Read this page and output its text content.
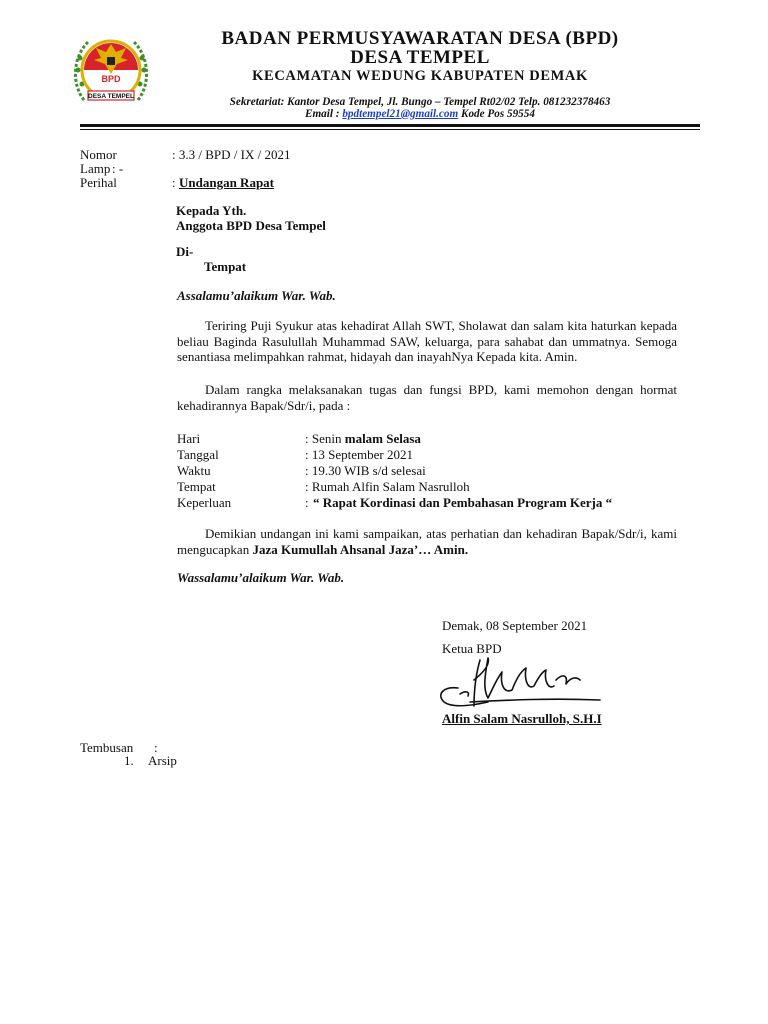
BPD
DESA TEMPEL
BADAN PERMUSYAWARATAN DESA (BPD)
DESA TEMPEL
KECAMATAN WEDUNG KABUPATEN DEMAK
Sekretariat: Kantor Desa Tempel, Jl. Bungo – Tempel Rt02/02 Telp. 081232378463
Email : bpdtempel21@gmail.com Kode Pos 59554
Nomor	: 3.3 / BPD / IX / 2021
Lamp : -
Perihal	: Undangan Rapat
Kepada Yth.
Anggota BPD Desa Tempel
Di-
Tempat
Assalamu’alaikum War. Wab.
Teriring Puji Syukur atas kehadirat Allah SWT, Sholawat dan salam kita haturkan kepada beliau Baginda Rasulullah Muhammad SAW, keluarga, para sahabat dan ummatnya. Semoga senantiasa melimpahkan rahmat, hidayah dan inayahNya Kepada kita. Amin.
Dalam rangka melaksanakan tugas dan fungsi BPD, kami memohon dengan hormat kehadirannya Bapak/Sdr/i, pada :
Hari	: Senin malam Selasa
Tanggal	: 13 September 2021
Waktu	: 19.30 WIB s/d selesai
Tempat	: Rumah Alfin Salam Nasrulloh
Keperluan	: “ Rapat Kordinasi dan Pembahasan Program Kerja “
Demikian undangan ini kami sampaikan, atas perhatian dan kehadiran Bapak/Sdr/i, kami mengucapkan Jaza Kumullah Ahsanal Jaza’… Amin.
Wassalamu’alaikum War. Wab.
Demak, 08 September 2021
Ketua BPD
Alfin Salam Nasrulloh, S.H.I
Tembusan :
1. Arsip
